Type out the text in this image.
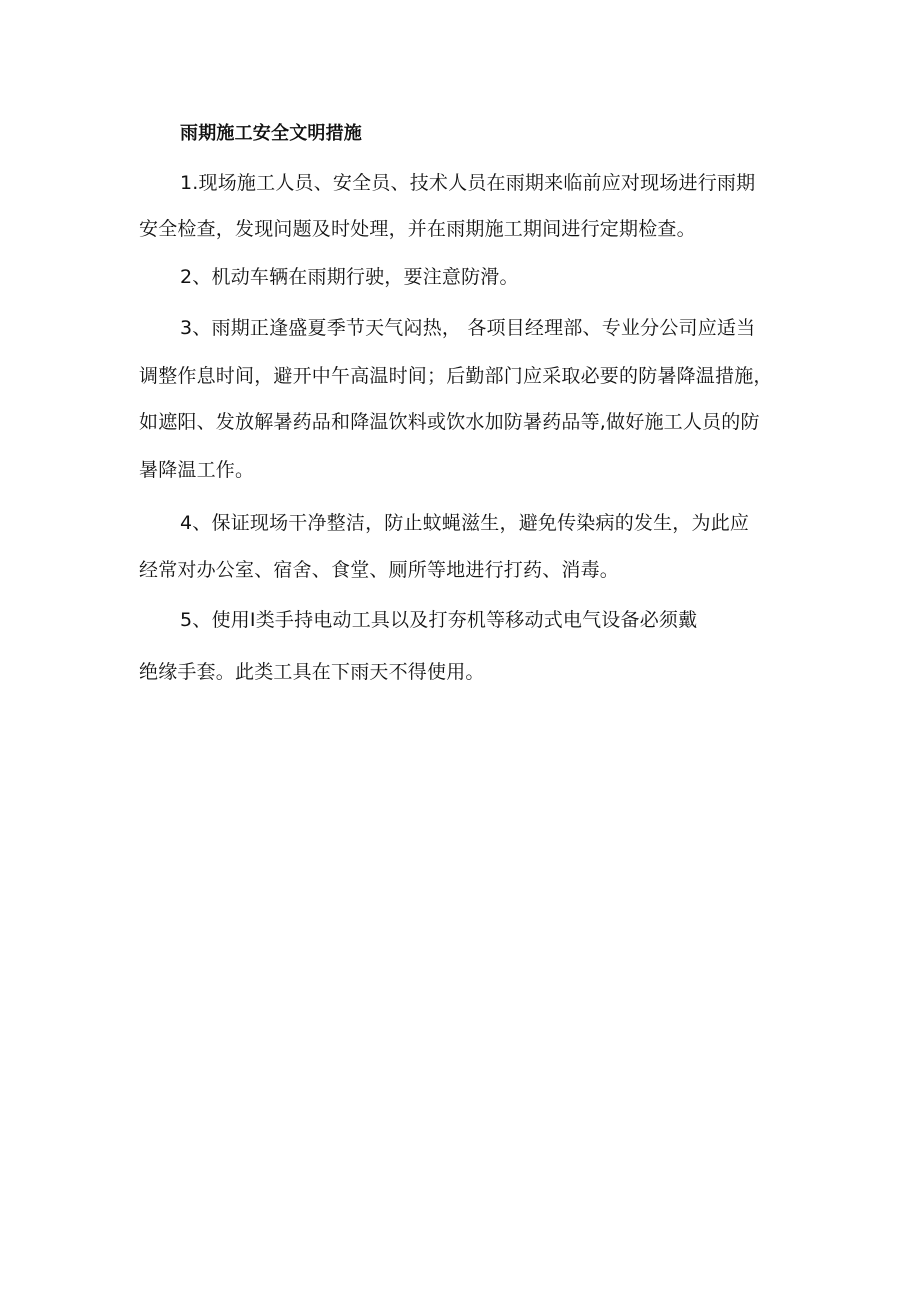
雨期施工安全文明措施
1.现场施工人员、安全员、技术人员在雨期来临前应对现场进行雨期
安全检查，发现问题及时处理，并在雨期施工期间进行定期检查。
2、机动车辆在雨期行驶，要注意防滑。
3、雨期正逢盛夏季节天气闷热， 各项目经理部、专业分公司应适当
调整作息时间，避开中午高温时间；后勤部门应采取必要的防暑降温措施，
如遮阳、发放解暑药品和降温饮料或饮水加防暑药品等,做好施工人员的防
暑降温工作。
4、保证现场干净整洁，防止蚊蝇滋生，避免传染病的发生，为此应
经常对办公室、宿舍、食堂、厕所等地进行打药、消毒。
5、使用Ⅰ类手持电动工具以及打夯机等移动式电气设备必须戴
绝缘手套。此类工具在下雨天不得使用。
